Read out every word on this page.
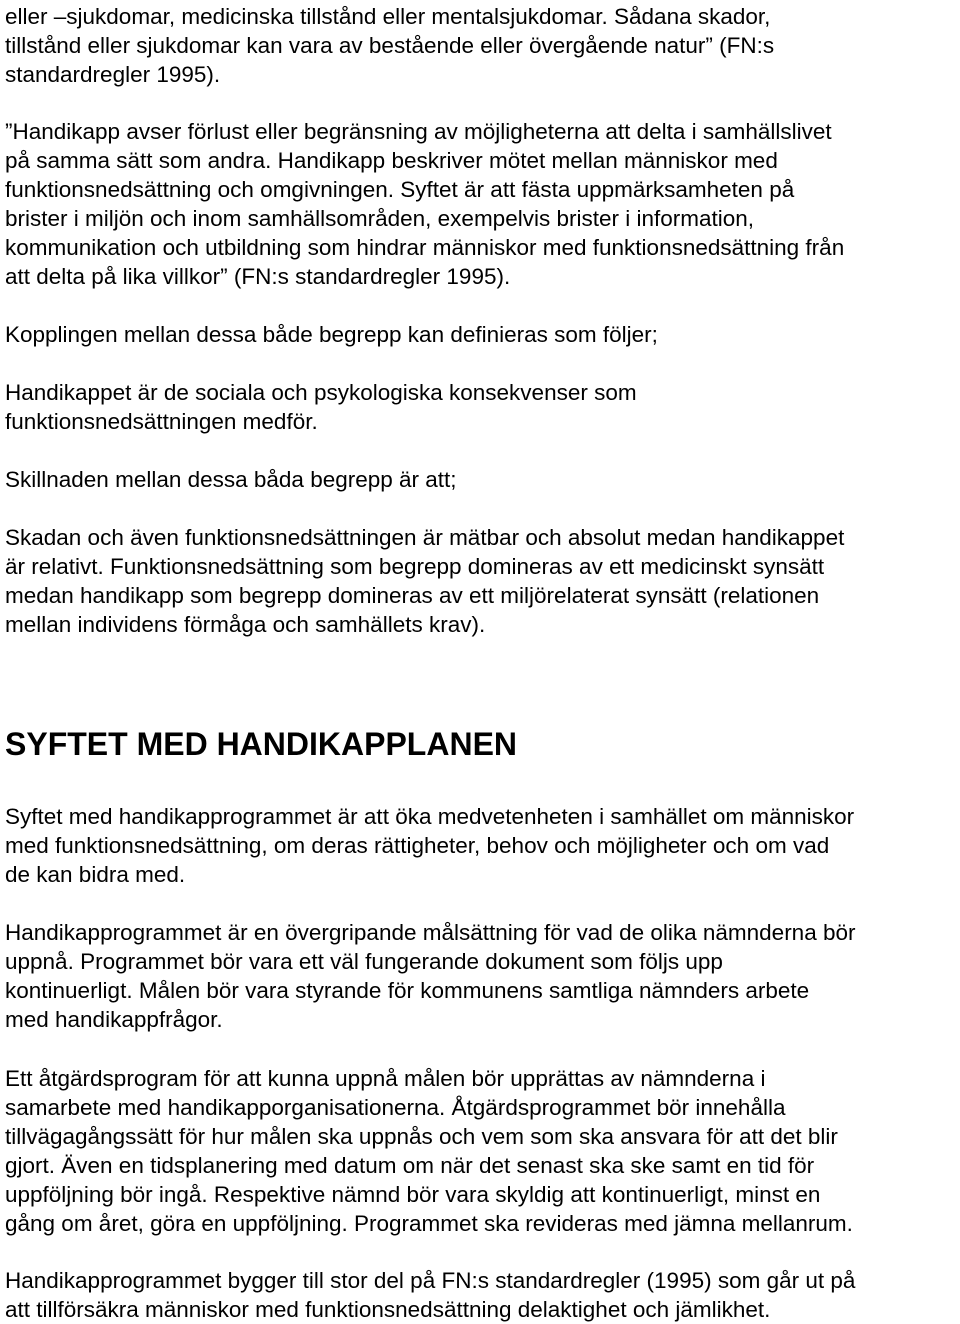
eller –sjukdomar, medicinska tillstånd eller mentalsjukdomar. Sådana skador,
tillstånd eller sjukdomar kan vara av bestående eller övergående natur” (FN:s
standardregler 1995).

”Handikapp avser förlust eller begränsning av möjligheterna att delta i samhällslivet
på samma sätt som andra. Handikapp beskriver mötet mellan människor med
funktionsnedsättning och omgivningen. Syftet är att fästa uppmärksamheten på
brister i miljön och inom samhällsområden, exempelvis brister i information,
kommunikation och utbildning som hindrar människor med funktionsnedsättning från
att delta på lika villkor” (FN:s standardregler 1995).

Kopplingen mellan dessa både begrepp kan definieras som följer;

Handikappet är de sociala och psykologiska konsekvenser som
funktionsnedsättningen medför.

Skillnaden mellan dessa båda begrepp är att;

Skadan och även funktionsnedsättningen är mätbar och absolut medan handikappet
är relativt. Funktionsnedsättning som begrepp domineras av ett medicinskt synsätt
medan handikapp som begrepp domineras av ett miljörelaterat synsätt (relationen
mellan individens förmåga och samhällets krav).

SYFTET MED HANDIKAPPLANEN

Syftet med handikapprogrammet är att öka medvetenheten i samhället om människor
med funktionsnedsättning, om deras rättigheter, behov och möjligheter och om vad
de kan bidra med.

Handikapprogrammet är en övergripande målsättning för vad de olika nämnderna bör
uppnå. Programmet bör vara ett väl fungerande dokument som följs upp
kontinuerligt. Målen bör vara styrande för kommunens samtliga nämnders arbete
med handikappfrågor.

Ett åtgärdsprogram för att kunna uppnå målen bör upprättas av nämnderna i
samarbete med handikapporganisationerna. Åtgärdsprogrammet bör innehålla
tillvägagångssätt för hur målen ska uppnås och vem som ska ansvara för att det blir
gjort. Även en tidsplanering med datum om när det senast ska ske samt en tid för
uppföljning bör ingå. Respektive nämnd bör vara skyldig att kontinuerligt, minst en
gång om året, göra en uppföljning. Programmet ska revideras med jämna mellanrum.

Handikapprogrammet bygger till stor del på FN:s standardregler (1995) som går ut på
att tillförsäkra människor med funktionsnedsättning delaktighet och jämlikhet.
